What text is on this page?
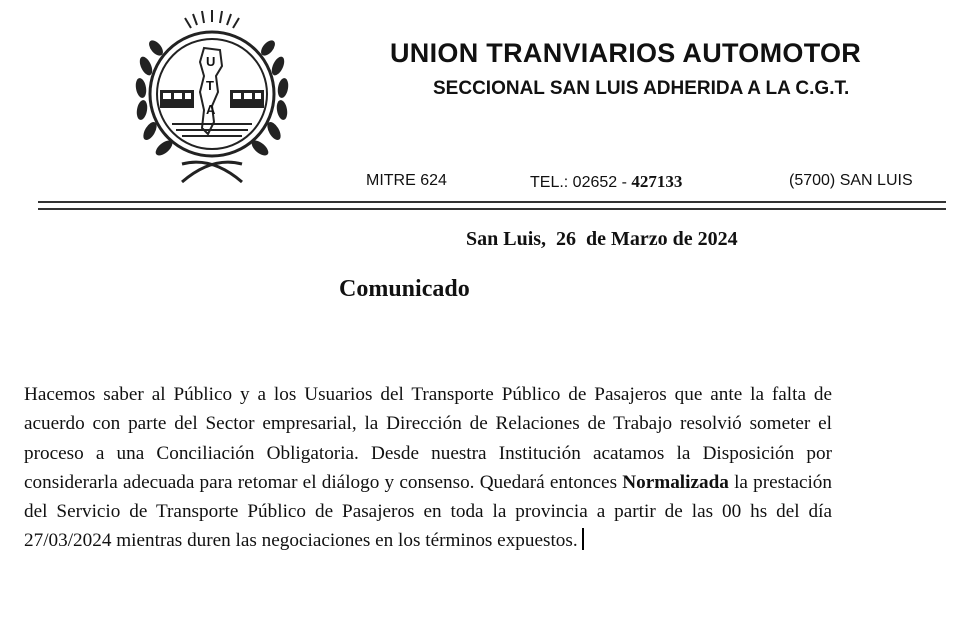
U
T
A
UNION TRANVIARIOS AUTOMOTOR
SECCIONAL SAN LUIS ADHERIDA A LA C.G.T.
MITRE 624	TEL.: 02652 - 427133	(5700) SAN LUIS
San Luis,  26  de Marzo de 2024
Comunicado
Hacemos saber al Público y a los Usuarios del Transporte Público de Pasajeros que ante la falta de acuerdo con parte del Sector empresarial, la Dirección de Relaciones de Trabajo resolvió someter el proceso a una Conciliación Obligatoria. Desde nuestra Institución acatamos la Disposición por considerarla adecuada para retomar el diálogo y consenso. Quedará entonces Normalizada la prestación del Servicio de Transporte Público de Pasajeros en toda la provincia a partir de las 00 hs del día 27/03/2024 mientras duren las negociaciones en los términos expuestos.
